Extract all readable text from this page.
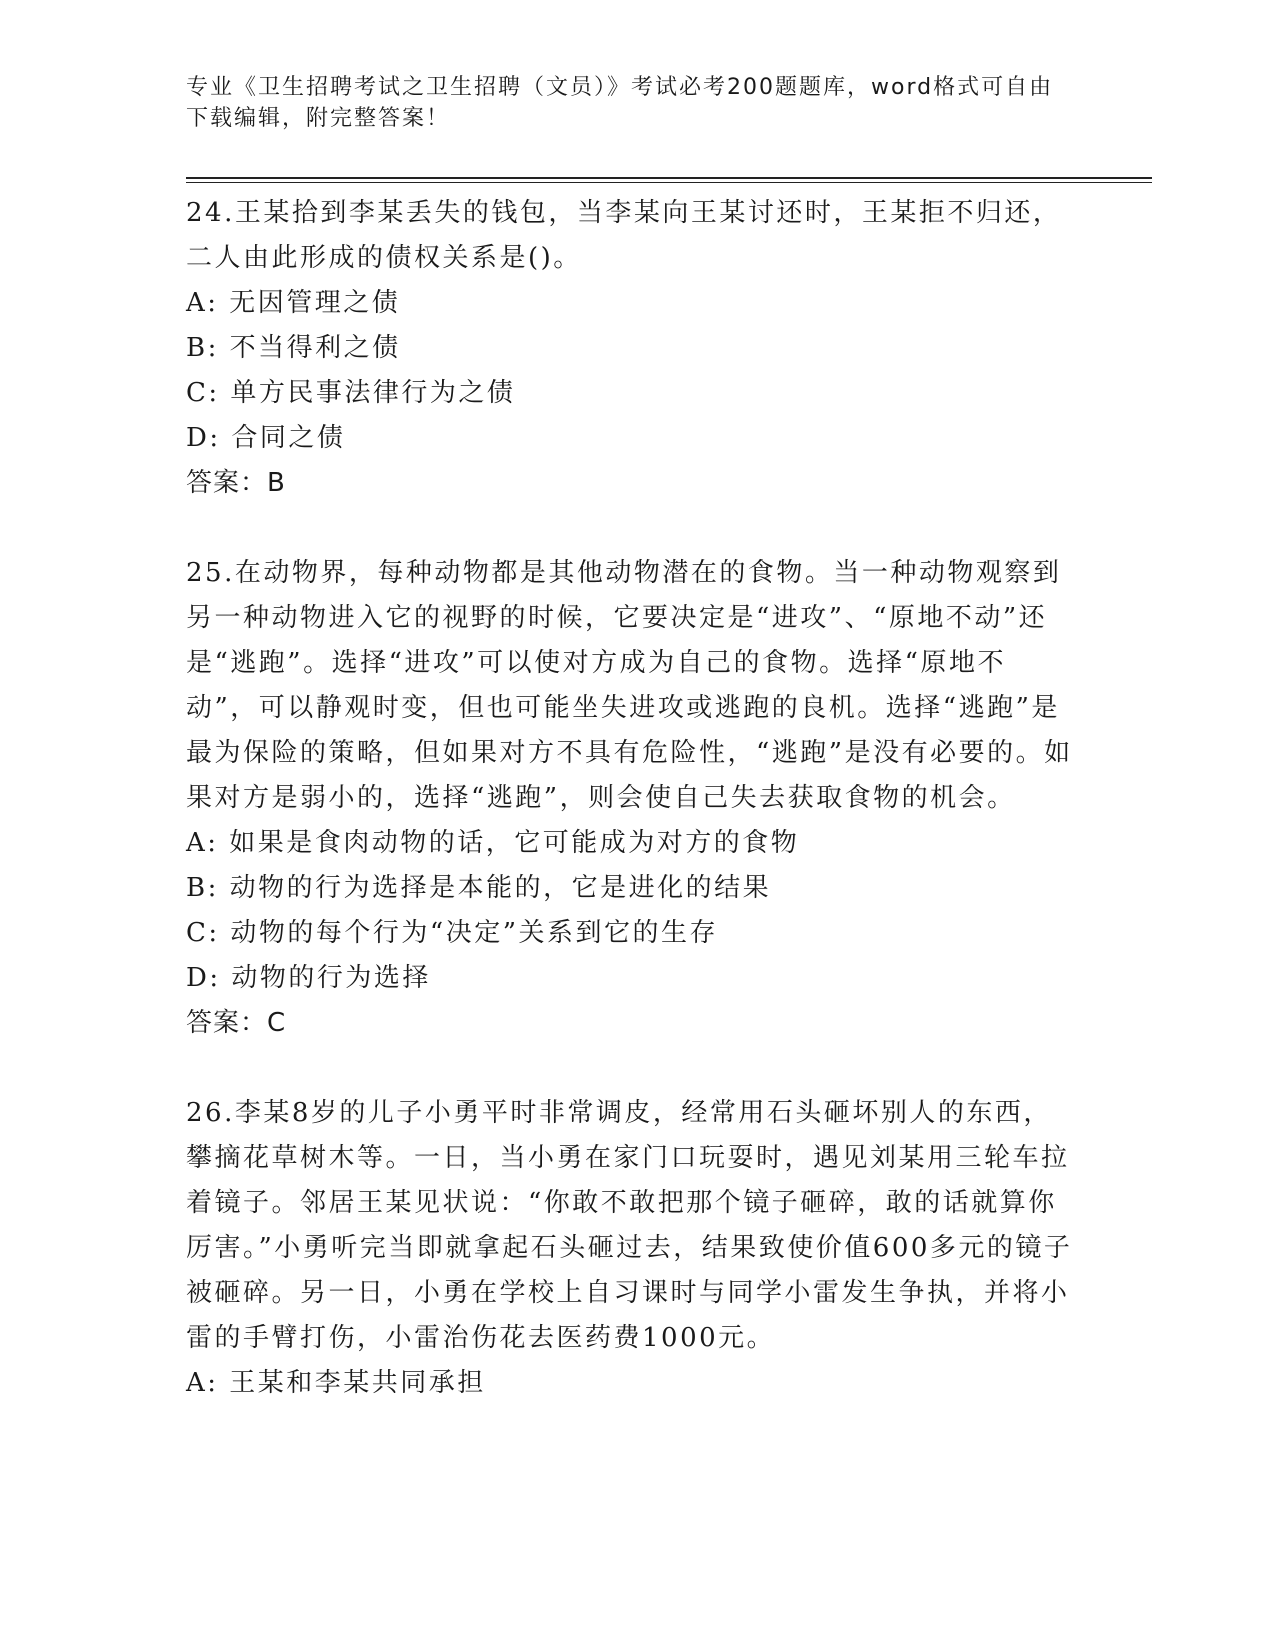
专业《卫生招聘考试之卫生招聘（文员）》考试必考200题题库，word格式可自由下载编辑，附完整答案！

24.王某拾到李某丢失的钱包，当李某向王某讨还时，王某拒不归还，二人由此形成的债权关系是()。

A: 无因管理之债

B: 不当得利之债

C: 单方民事法律行为之债

D: 合同之债

答案：B

25.在动物界，每种动物都是其他动物潜在的食物。当一种动物观察到另一种动物进入它的视野的时候，它要决定是“进攻”、“原地不动”还是“逃跑”。选择“进攻”可以使对方成为自己的食物。选择“原地不动”，可以静观时变，但也可能坐失进攻或逃跑的良机。选择“逃跑”是最为保险的策略，但如果对方不具有危险性，“逃跑”是没有必要的。如果对方是弱小的，选择“逃跑”，则会使自己失去获取食物的机会。

A: 如果是食肉动物的话，它可能成为对方的食物

B: 动物的行为选择是本能的，它是进化的结果

C: 动物的每个行为“决定”关系到它的生存

D: 动物的行为选择

答案：C

26.李某8岁的儿子小勇平时非常调皮，经常用石头砸坏别人的东西，攀摘花草树木等。一日，当小勇在家门口玩耍时，遇见刘某用三轮车拉着镜子。邻居王某见状说：“你敢不敢把那个镜子砸碎，敢的话就算你厉害。”小勇听完当即就拿起石头砸过去，结果致使价值600多元的镜子被砸碎。另一日，小勇在学校上自习课时与同学小雷发生争执，并将小雷的手臂打伤，小雷治伤花去医药费1000元。

A: 王某和李某共同承担
